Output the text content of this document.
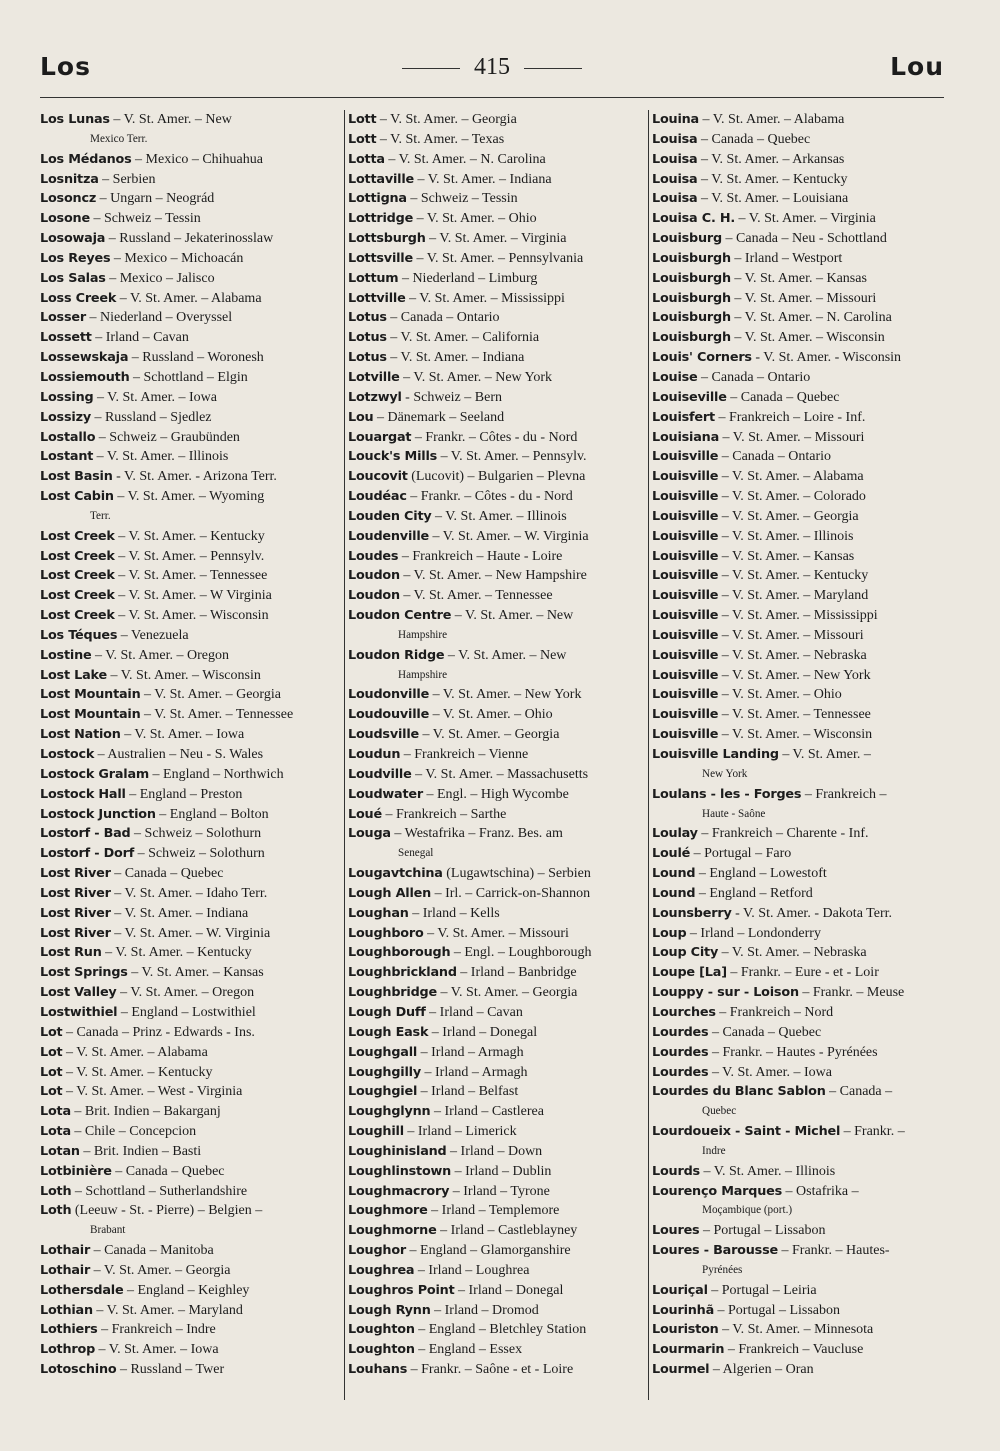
Los	415	Lou
Los Lunas – V. St. Amer. – New
Mexico Terr.
Los Médanos – Mexico – Chihuahua
Losnitza – Serbien
Losoncz – Ungarn – Neográd
Losone – Schweiz – Tessin
Losowaja – Russland – Jekaterinosslaw
Los Reyes – Mexico – Michoacán
Los Salas – Mexico – Jalisco
Loss Creek – V. St. Amer. – Alabama
Losser – Niederland – Overyssel
Lossett – Irland – Cavan
Lossewskaja – Russland – Woronesh
Lossiemouth – Schottland – Elgin
Lossing – V. St. Amer. – Iowa
Lossizy – Russland – Sjedlez
Lostallo – Schweiz – Graubünden
Lostant – V. St. Amer. – Illinois
Lost Basin - V. St. Amer. - Arizona Terr.
Lost Cabin – V. St. Amer. – Wyoming
Terr.
Lost Creek – V. St. Amer. – Kentucky
Lost Creek – V. St. Amer. – Pennsylv.
Lost Creek – V. St. Amer. – Tennessee
Lost Creek – V. St. Amer. – W Virginia
Lost Creek – V. St. Amer. – Wisconsin
Los Téques – Venezuela
Lostine – V. St. Amer. – Oregon
Lost Lake – V. St. Amer. – Wisconsin
Lost Mountain – V. St. Amer. – Georgia
Lost Mountain – V. St. Amer. – Tennessee
Lost Nation – V. St. Amer. – Iowa
Lostock – Australien – Neu - S. Wales
Lostock Gralam – England – Northwich
Lostock Hall – England – Preston
Lostock Junction – England – Bolton
Lostorf - Bad – Schweiz – Solothurn
Lostorf - Dorf – Schweiz – Solothurn
Lost River – Canada – Quebec
Lost River – V. St. Amer. – Idaho Terr.
Lost River – V. St. Amer. – Indiana
Lost River – V. St. Amer. – W. Virginia
Lost Run – V. St. Amer. – Kentucky
Lost Springs – V. St. Amer. – Kansas
Lost Valley – V. St. Amer. – Oregon
Lostwithiel – England – Lostwithiel
Lot – Canada – Prinz - Edwards - Ins.
Lot – V. St. Amer. – Alabama
Lot – V. St. Amer. – Kentucky
Lot – V. St. Amer. – West - Virginia
Lota – Brit. Indien – Bakarganj
Lota – Chile – Concepcion
Lotan – Brit. Indien – Basti
Lotbinière – Canada – Quebec
Loth – Schottland – Sutherlandshire
Loth (Leeuw - St. - Pierre) – Belgien –
Brabant
Lothair – Canada – Manitoba
Lothair – V. St. Amer. – Georgia
Lothersdale – England – Keighley
Lothian – V. St. Amer. – Maryland
Lothiers – Frankreich – Indre
Lothrop – V. St. Amer. – Iowa
Lotoschino – Russland – Twer
Lott – V. St. Amer. – Georgia
Lott – V. St. Amer. – Texas
Lotta – V. St. Amer. – N. Carolina
Lottaville – V. St. Amer. – Indiana
Lottigna – Schweiz – Tessin
Lottridge – V. St. Amer. – Ohio
Lottsburgh – V. St. Amer. – Virginia
Lottsville – V. St. Amer. – Pennsylvania
Lottum – Niederland – Limburg
Lottville – V. St. Amer. – Mississippi
Lotus – Canada – Ontario
Lotus – V. St. Amer. – California
Lotus – V. St. Amer. – Indiana
Lotville – V. St. Amer. – New York
Lotzwyl - Schweiz – Bern
Lou – Dänemark – Seeland
Louargat – Frankr. – Côtes - du - Nord
Louck's Mills – V. St. Amer. – Pennsylv.
Loucovit (Lucovit) – Bulgarien – Plevna
Loudéac – Frankr. – Côtes - du - Nord
Louden City – V. St. Amer. – Illinois
Loudenville – V. St. Amer. – W. Virginia
Loudes – Frankreich – Haute - Loire
Loudon – V. St. Amer. – New Hampshire
Loudon – V. St. Amer. – Tennessee
Loudon Centre – V. St. Amer. – New
Hampshire
Loudon Ridge – V. St. Amer. – New
Hampshire
Loudonville – V. St. Amer. – New York
Loudouville – V. St. Amer. – Ohio
Loudsville – V. St. Amer. – Georgia
Loudun – Frankreich – Vienne
Loudville – V. St. Amer. – Massachusetts
Loudwater – Engl. – High Wycombe
Loué – Frankreich – Sarthe
Louga – Westafrika – Franz. Bes. am
Senegal
Lougavtchina (Lugawtschina) – Serbien
Lough Allen – Irl. – Carrick-on-Shannon
Loughan – Irland – Kells
Loughboro – V. St. Amer. – Missouri
Loughborough – Engl. – Loughborough
Loughbrickland – Irland – Banbridge
Loughbridge – V. St. Amer. – Georgia
Lough Duff – Irland – Cavan
Lough Eask – Irland – Donegal
Loughgall – Irland – Armagh
Loughgilly – Irland – Armagh
Loughgiel – Irland – Belfast
Loughglynn – Irland – Castlerea
Loughill – Irland – Limerick
Loughinisland – Irland – Down
Loughlinstown – Irland – Dublin
Loughmacrory – Irland – Tyrone
Loughmore – Irland – Templemore
Loughmorne – Irland – Castleblayney
Loughor – England – Glamorganshire
Loughrea – Irland – Loughrea
Loughros Point – Irland – Donegal
Lough Rynn – Irland – Dromod
Loughton – England – Bletchley Station
Loughton – England – Essex
Louhans – Frankr. – Saône - et - Loire
Louina – V. St. Amer. – Alabama
Louisa – Canada – Quebec
Louisa – V. St. Amer. – Arkansas
Louisa – V. St. Amer. – Kentucky
Louisa – V. St. Amer. – Louisiana
Louisa C. H. – V. St. Amer. – Virginia
Louisburg – Canada – Neu - Schottland
Louisburgh – Irland – Westport
Louisburgh – V. St. Amer. – Kansas
Louisburgh – V. St. Amer. – Missouri
Louisburgh – V. St. Amer. – N. Carolina
Louisburgh – V. St. Amer. – Wisconsin
Louis' Corners - V. St. Amer. - Wisconsin
Louise – Canada – Ontario
Louiseville – Canada – Quebec
Louisfert – Frankreich – Loire - Inf.
Louisiana – V. St. Amer. – Missouri
Louisville – Canada – Ontario
Louisville – V. St. Amer. – Alabama
Louisville – V. St. Amer. – Colorado
Louisville – V. St. Amer. – Georgia
Louisville – V. St. Amer. – Illinois
Louisville – V. St. Amer. – Kansas
Louisville – V. St. Amer. – Kentucky
Louisville – V. St. Amer. – Maryland
Louisville – V. St. Amer. – Mississippi
Louisville – V. St. Amer. – Missouri
Louisville – V. St. Amer. – Nebraska
Louisville – V. St. Amer. – New York
Louisville – V. St. Amer. – Ohio
Louisville – V. St. Amer. – Tennessee
Louisville – V. St. Amer. – Wisconsin
Louisville Landing – V. St. Amer. –
New York
Loulans - les - Forges – Frankreich –
Haute - Saône
Loulay – Frankreich – Charente - Inf.
Loulé – Portugal – Faro
Lound – England – Lowestoft
Lound – England – Retford
Lounsberry - V. St. Amer. - Dakota Terr.
Loup – Irland – Londonderry
Loup City – V. St. Amer. – Nebraska
Loupe [La] – Frankr. – Eure - et - Loir
Louppy - sur - Loison – Frankr. – Meuse
Lourches – Frankreich – Nord
Lourdes – Canada – Quebec
Lourdes – Frankr. – Hautes - Pyrénées
Lourdes – V. St. Amer. – Iowa
Lourdes du Blanc Sablon – Canada –
Quebec
Lourdoueix - Saint - Michel – Frankr. –
Indre
Lourds – V. St. Amer. – Illinois
Lourenço Marques – Ostafrika –
Moçambique (port.)
Loures – Portugal – Lissabon
Loures - Barousse – Frankr. – Hautes-
Pyrénées
Louriçal – Portugal – Leiria
Lourinhã – Portugal – Lissabon
Louriston – V. St. Amer. – Minnesota
Lourmarin – Frankreich – Vaucluse
Lourmel – Algerien – Oran
